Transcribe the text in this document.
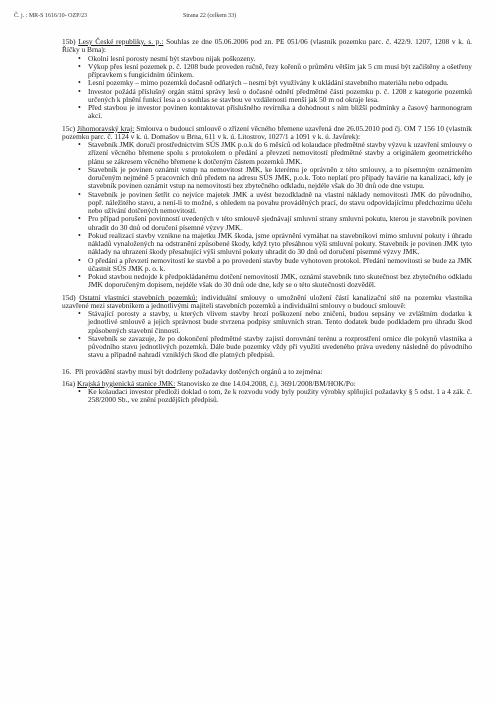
Č. j. : MR-S 1616/10- OZP/23	Strana 22 (celkem 33)
15b) Lesy České republiky, s. p.: Souhlas ze dne 05.06.2006 pod zn. PE 051/06 (vlastník pozemku parc. č. 422/9. 1207, 1208 v k. ú. Říčky u Brna):
• Okolní lesní porosty nesmí být stavbou nijak poškozeny.
• Výkop přes lesní pozemek p. č. 1208 bude proveden ručně, řezy kořenů o průměru větším jak 5 cm musí být začištěny a ošetřeny přípravkem s fungicidním účinkem.
• Lesní pozemky – mimo pozemků dočasně odňatých – nesmí být využívány k ukládání stavebního materiálu nebo odpadu.
• Investor požádá příslušný orgán státní správy lesů o dočasné odnětí předmětné části pozemku p. č. 1208 z kategorie pozemků určených k plnění funkcí lesa a o souhlas se stavbou ve vzdálenosti menší jak 50 m od okraje lesa.
• Před stavbou je investor povinen kontaktovat příslušného revírníka a dohodnout s ním bližší podmínky a časový harmonogram akcí.
15c) Jihomoravský kraj: Smlouva o budoucí smlouvě o zřízení věcného břemene uzavřená dne 26.05.2010 pod čj. OM 7 156 10 (vlastník pozemku parc. č. 1124 v k. ú. Domašov u Brna, 611 v k. ú. Litostrov, 1027/1 a 1091 v k. ú. Javůrek):
• Stavebník JMK doručí prostřednictvím SÚS JMK p.o.k do 6 měsíců od kolaudace předmětné stavby výzvu k uzavření smlouvy o zřízení věcného břemene spolu s protokolem o předání a převzetí nemovitostí předmětné stavby a originálem geometrického plánu se zákresem věcného břemene k dotčeným částem pozemků JMK.
• Stavebník je povinen oznámit vstup na nemovitost JMK, ke kterému je oprávněn z této smlouvy, a to písemným oznámením doručeným nejméně 5 pracovních dnů předem na adresu SÚS JMK, p.o.k. Toto neplatí pro případy havárie na kanalizaci, kdy je stavebník povinen oznámit vstup na nemovitosti bez zbytečného odkladu, nejdéle však do 30 dnů ode dne vstupu.
• Stavebník je povinen šetřit co nejvíce majetek JMK a uvést bezodkladně na vlastní náklady nemovitosti JMK do původního, popř. náležitého stavu, a není-li to možné, s ohledem na povahu prováděných prací, do stavu odpovídajícímu předchozímu účelu nebo užívání dotčených nemovitostí.
• Pro případ porušení povinností uvedených v této smlouvě sjednávají smluvní strany smluvní pokutu, kterou je stavebník povinen uhradit do 30 dnů od doručení písemné výzvy JMK.
• Pokud realizací stavby vznikne na majetku JMK škoda, jsme oprávnění vymáhat na stavebníkovi mimo smluvní pokuty i úhradu nákladů vynaložených na odstranění způsobené škody, když tyto přesáhnou výši smluvní pokuty. Stavebník je povinen JMK tyto náklady na uhrazení škody přesahující výši smluvní pokuty uhradit do 30 dnů od doručení písemné výzvy JMK.
• O předání a převzetí nemovitostí ke stavbě a po provedení stavby bude vyhotoven protokol. Předání nemovitosti se bude za JMK účastnit SÚS JMK p. o. k.
• Pokud stavbou nedojde k předpokládanému dotčení nemovitostí JMK, oznámí stavebník tuto skutečnost bez zbytečného odkladu JMK doporučeným dopisem, nejdéle však do 30 dnů ode dne, kdy se o této skutečnosti dozvěděl.
15d) Ostatní vlastníci stavebních pozemků: individuální smlouvy o umožnění uložení částí kanalizační sítě na pozemku vlastníka uzavřené mezi stavebníkem a jednotlivými majiteli stavebních pozemků a individuální smlouvy o budoucí smlouvě:
• Stávající porosty a stavby, u kterých vlivem stavby hrozí poškození nebo zničení, budou sepsány ve zvláštním dodatku k jednotlivé smlouvě a jejich správnost bude stvrzena podpisy smluvních stran. Tento dodatek bude podkladem pro úhradu škod způsobených stavební činností.
• Stavebník se zavazuje, že po dokončení předmětné stavby zajistí dorovnání terénu a rozprostření ornice dle pokynů vlastníka a původního stavu jednotlivých pozemků. Dále bude pozemky vždy při využití uvedeného práva uvedeny následně do původního stavu a případně nahradí vzniklých škod dle platných předpisů.
16. Při provádění stavby musí být dodrženy požadavky dotčených orgánů a to zejména:
16a) Krajská hygienická stanice JMK: Stanovisko ze dne 14.04.2008, č.j. 3691/2008/BM/HOK/Po:
• Ke kolaudaci investor předloží doklad o tom, že k rozvodu vody byly použity výrobky splňující požadavky § 5 odst. 1 a 4 zák. č. 258/2000 Sb., ve znění pozdějších předpisů.
